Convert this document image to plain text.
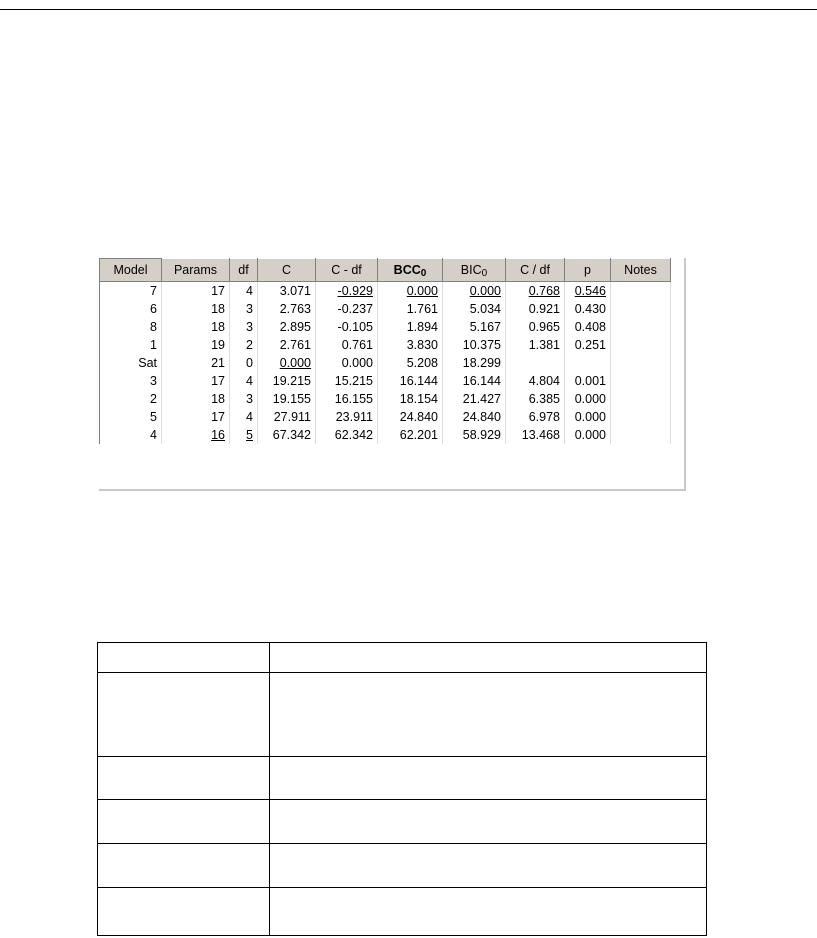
Model	Params	df	C	C - df	BCC0	BIC0	C / df	p	Notes
7	17	4	3.071	-0.929	0.000	0.000	0.768	0.546	
6	18	3	2.763	-0.237	1.761	5.034	0.921	0.430	
8	18	3	2.895	-0.105	1.894	5.167	0.965	0.408	
1	19	2	2.761	0.761	3.830	10.375	1.381	0.251	
Sat	21	0	0.000	0.000	5.208	18.299			
3	17	4	19.215	15.215	16.144	16.144	4.804	0.001	
2	18	3	19.155	16.155	18.154	21.427	6.385	0.000	
5	17	4	27.911	23.911	24.840	24.840	6.978	0.000	
4	16	5	67.342	62.342	62.201	58.929	13.468	0.000	
